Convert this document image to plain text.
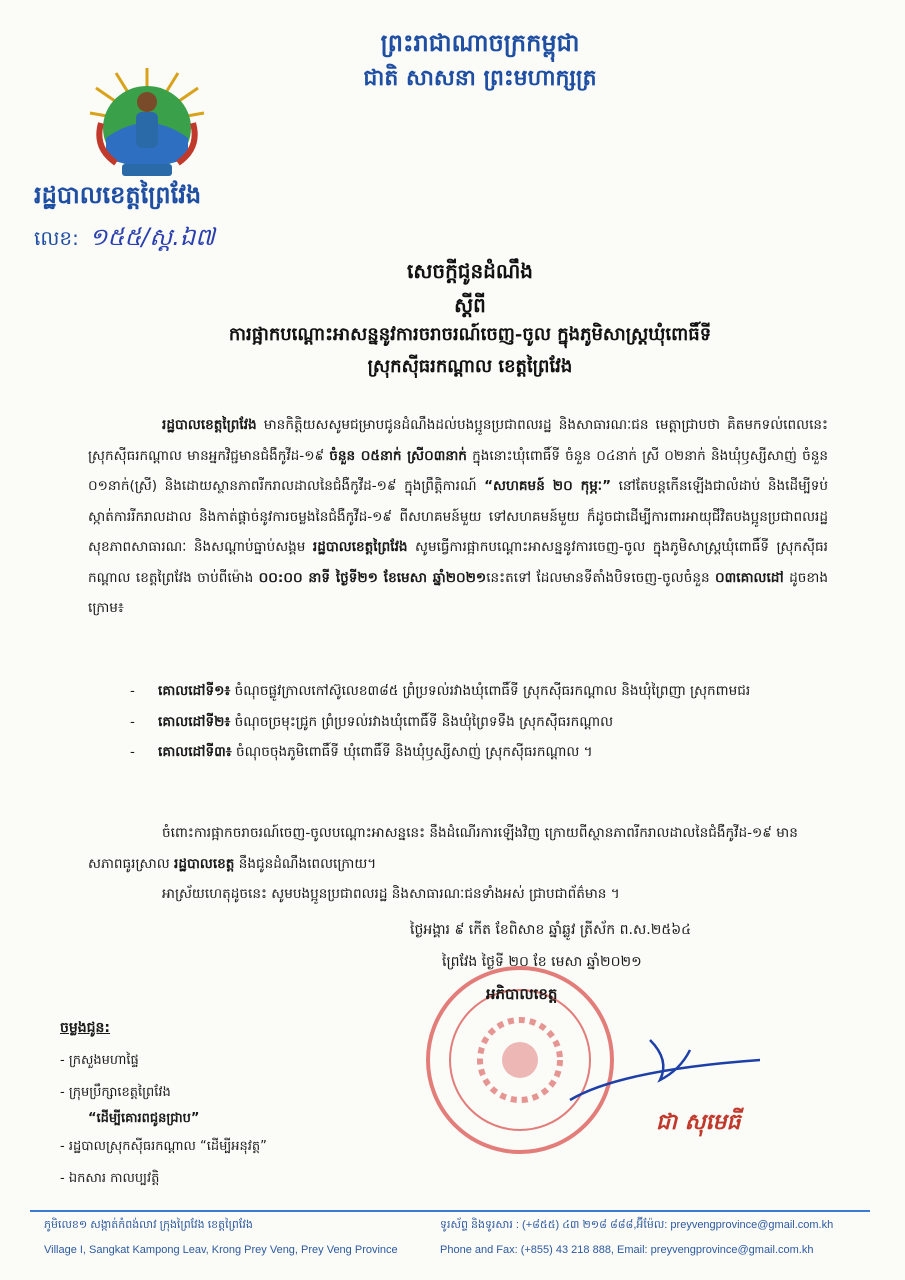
ព្រះរាជាណាចក្រកម្ពុជា
ជាតិ សាសនា ព្រះមហាក្សត្រ
រដ្ឋបាលខេត្តព្រៃវែង
លេខ: ១៥៥/ស្ត.ឯ៧
សេចក្តីជូនដំណឹង
ស្តីពី
ការផ្អាកបណ្តោះអាសន្ននូវការចរាចរណ៍ចេញ-ចូល ក្នុងភូមិសាស្ត្រឃុំពោធិ៍ទី
ស្រុកស៊ីធរកណ្តាល ខេត្តព្រៃវែង

រដ្ឋបាលខេត្តព្រៃវែង មានកិត្តិយសសូមជម្រាបជូនដំណឹងដល់បងប្អូនប្រជាពលរដ្ឋ និងសាធារណៈជន មេត្តាជ្រាបថា គិតមកទល់ពេលនេះ ស្រុកស៊ីធរកណ្តាល មានអ្នកវិជ្ជមានជំងឺកូវីដ-១៩ ចំនួន ០៥នាក់ ស្រី០៣នាក់ ក្នុងនោះឃុំពោធិ៍ទី ចំនួន ០៤នាក់ ស្រី ០២នាក់ និងឃុំឫស្សីសាញ់ ចំនួន ០១នាក់(ស្រី) និងដោយស្ថានភាពរីករាលដាលនៃជំងឺកូវីដ-១៩ ក្នុងព្រឹត្តិការណ៍ “សហគមន៍ ២០ កុម្ភៈ” នៅតែបន្តកើនឡើងជាលំដាប់ និងដើម្បីទប់ស្កាត់ការរីករាលដាល និងកាត់ផ្តាច់នូវការចម្លងនៃជំងឺកូវីដ-១៩ ពីសហគមន៍មួយ ទៅសហគមន៍មួយ ក៏ដូចជាដើម្បីការពារអាយុជីវិតបងប្អូនប្រជាពលរដ្ឋ សុខភាពសាធារណៈ និងសណ្តាប់ធ្នាប់សង្គម រដ្ឋបាលខេត្តព្រៃវែង សូមធ្វើការផ្អាកបណ្តោះអាសន្ននូវការចេញ-ចូល ក្នុងភូមិសាស្ត្រឃុំពោធិ៍ទី ស្រុកស៊ីធរកណ្តាល ខេត្តព្រៃវែង ចាប់ពីម៉ោង ០០:០០ នាទី ថ្ងៃទី២១ ខែមេសា ឆ្នាំ២០២១នេះតទៅ ដែលមានទីតាំងបិទចេញ-ចូលចំនួន ០៣គោលដៅ ដូចខាងក្រោម៖

-	គោលដៅទី១៖ ចំណុចផ្លូវក្រាលកៅស៊ូលេខ៣៨៥ ព្រំប្រទល់រវាងឃុំពោធិ៍ទី ស្រុកស៊ីធរកណ្តាល និងឃុំព្រៃញា ស្រុកពាមជរ
-	គោលដៅទី២៖ ចំណុចច្រមុះជ្រូក ព្រំប្រទល់រវាងឃុំពោធិ៍ទី និងឃុំព្រៃទទឹង ស្រុកស៊ីធរកណ្តាល
-	គោលដៅទី៣៖ ចំណុចចុងភូមិពោធិ៍ទី ឃុំពោធិ៍ទី និងឃុំឫស្សីសាញ់ ស្រុកស៊ីធរកណ្តាល ។

ចំពោះការផ្អាកចរាចរណ៍ចេញ-ចូលបណ្តោះអាសន្ននេះ នឹងដំណើរការឡើងវិញ ក្រោយពីស្ថានភាពរីករាលដាលនៃជំងឺកូវីដ-១៩ មានសភាពធូរស្រាល រដ្ឋបាលខេត្ត នឹងជូនដំណឹងពេលក្រោយ។

អាស្រ័យហេតុដូចនេះ សូមបងប្អូនប្រជាពលរដ្ឋ និងសាធារណៈជនទាំងអស់ ជ្រាបជាព័ត៌មាន ។

ថ្ងៃអង្គារ ៩ កើត ខែពិសាខ ឆ្នាំឆ្លូវ ត្រីស័ក ព.ស.២៥៦៤
ព្រៃវែង ថ្ងៃទី ២០ ខែ មេសា ឆ្នាំ២០២១
អភិបាលខេត្ត
ជា សុមេធី
ចម្លងជូន:
- ក្រសួងមហាផ្ទៃ
- ក្រុមប្រឹក្សាខេត្តព្រៃវែង
“ដើម្បីគោរពជូនជ្រាប”
- រដ្ឋបាលស្រុកស៊ីធរកណ្តាល “ដើម្បីអនុវត្ត”
- ឯកសារ កាលប្បវត្តិ
ភូមិលេខ១ សង្កាត់កំពង់លាវ ក្រុងព្រៃវែង ខេត្តព្រៃវែង	ទូរស័ព្ទ និងទូរសារ : (+៨៥៥) ៤៣ ២១៨ ៨៨៨,អ៊ីម៉ែល: preyvengprovince@gmail.com.kh
Village I, Sangkat Kampong Leav, Krong Prey Veng, Prey Veng Province	Phone and Fax: (+855) 43 218 888, Email: preyvengprovince@gmail.com.kh
